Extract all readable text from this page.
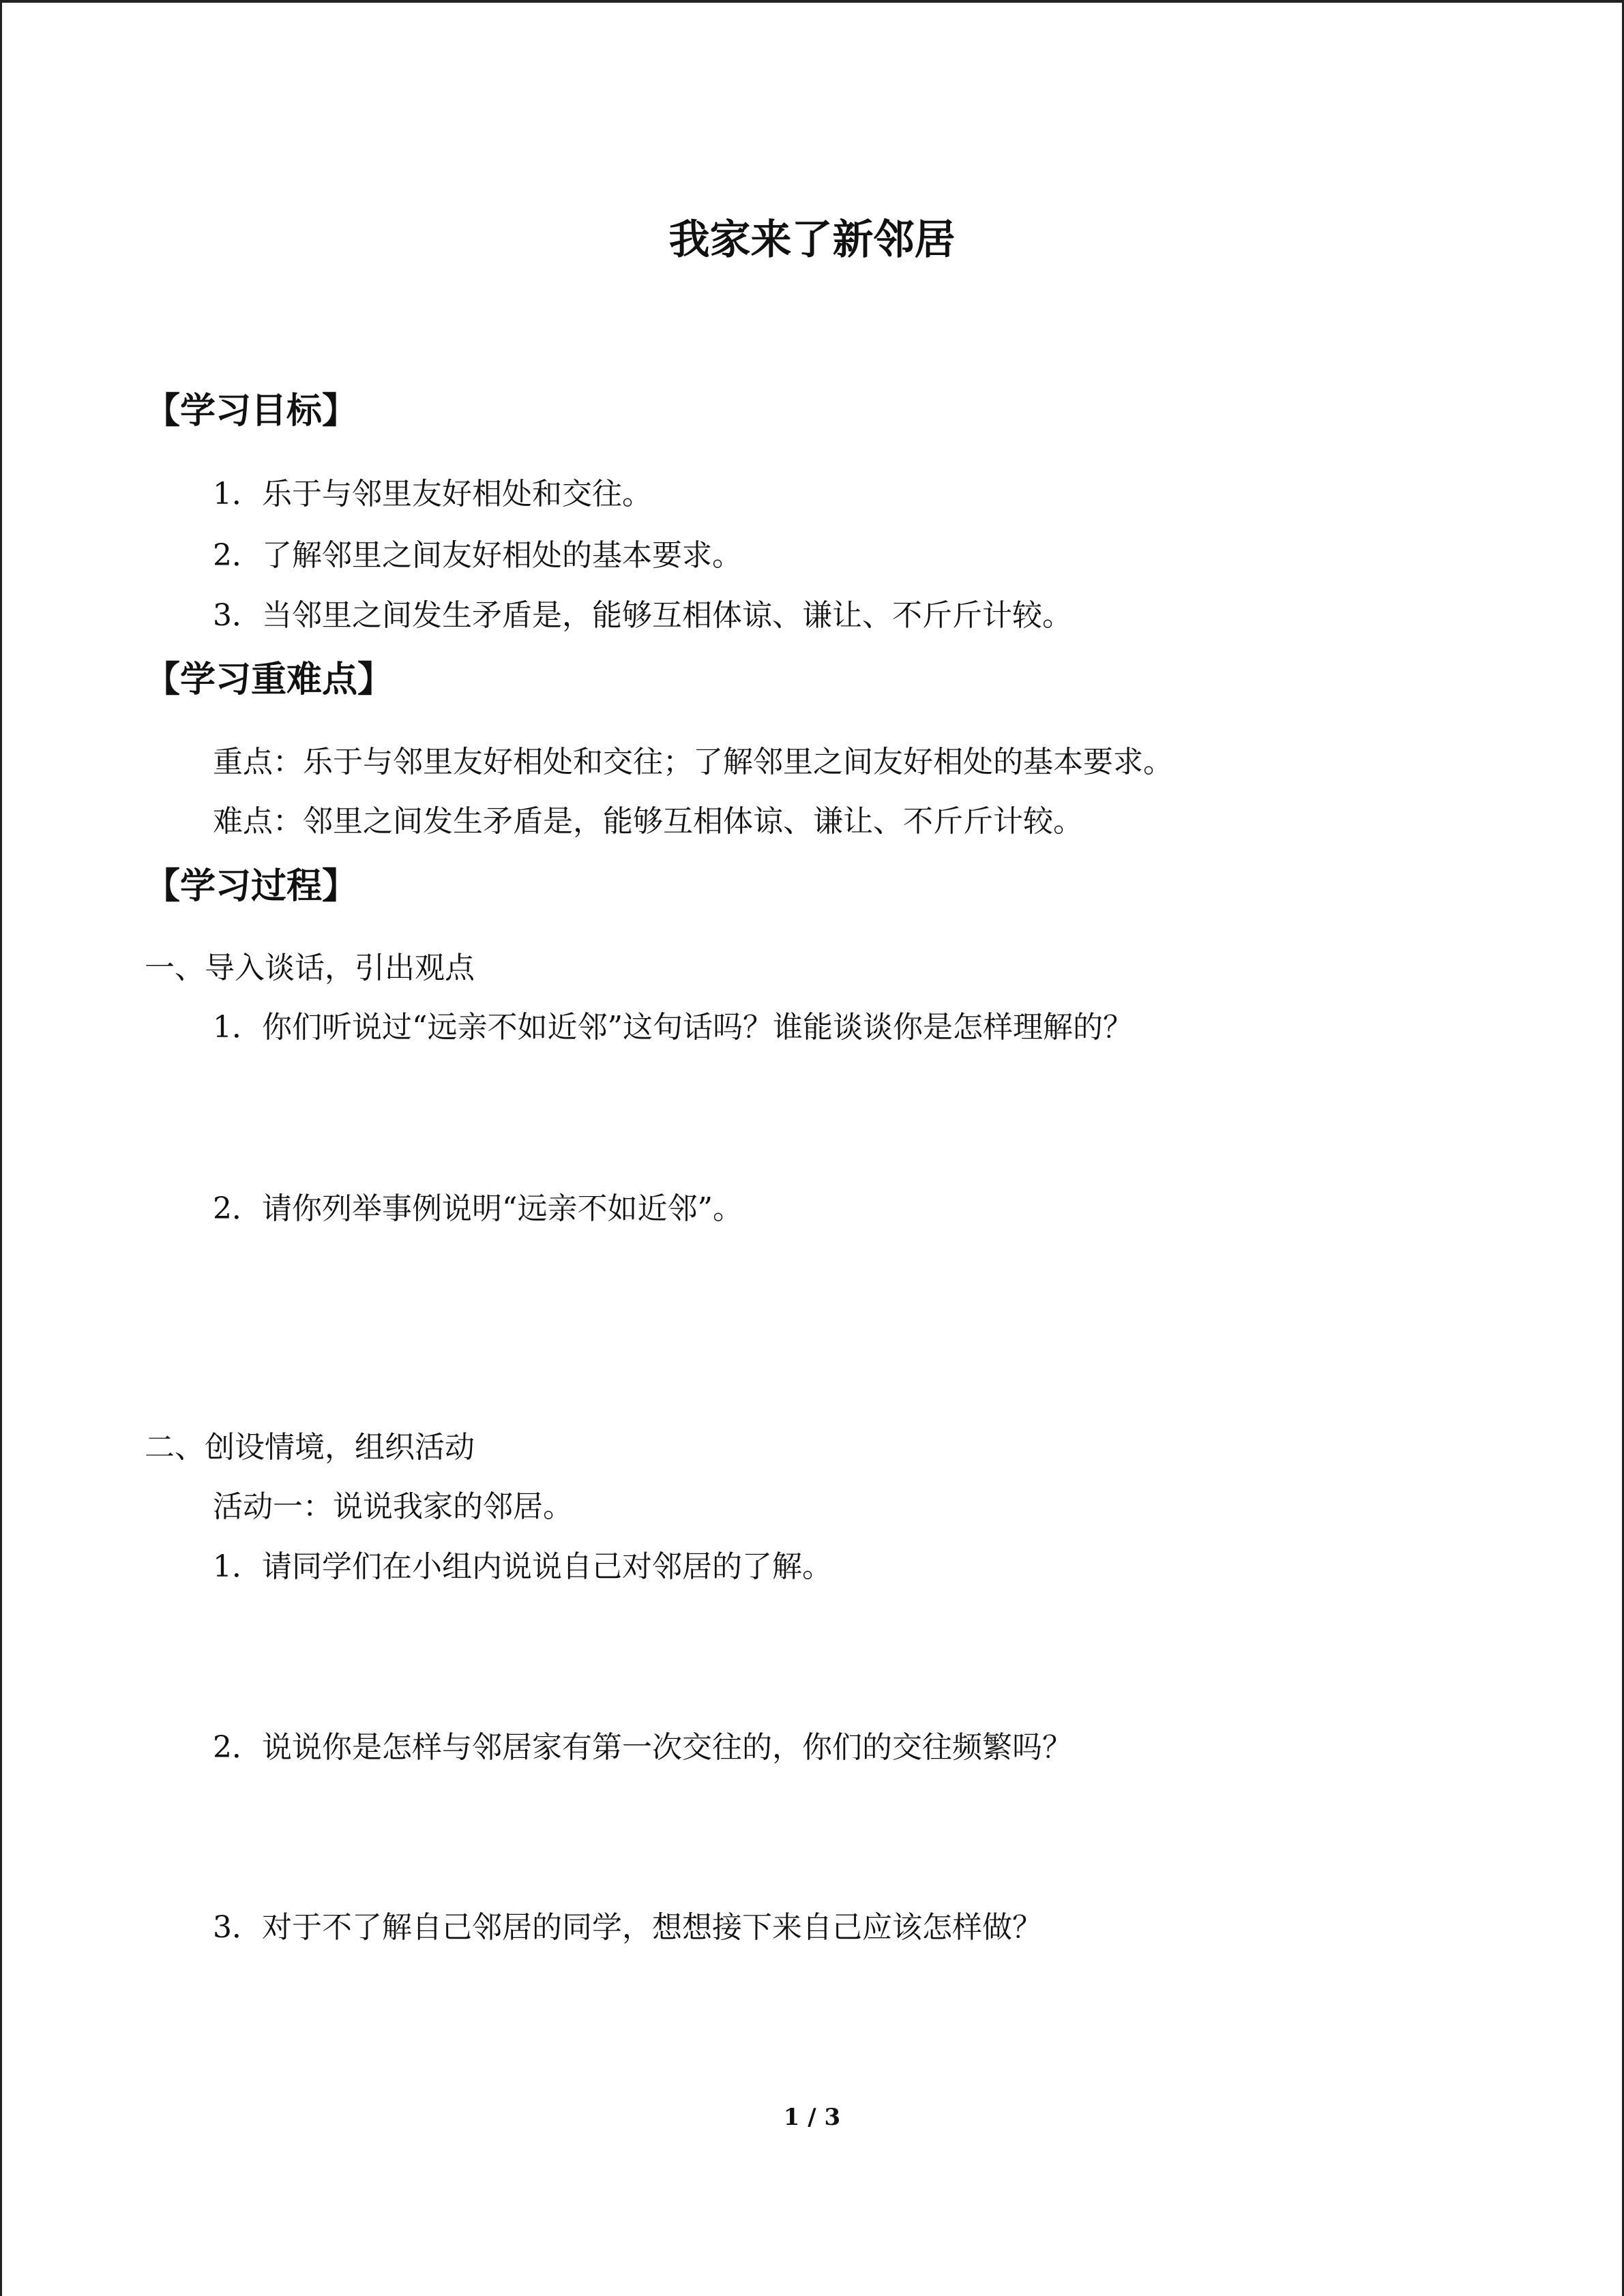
我家来了新邻居
【学习目标】
1．乐于与邻里友好相处和交往。
2．了解邻里之间友好相处的基本要求。
3．当邻里之间发生矛盾是，能够互相体谅、谦让、不斤斤计较。
【学习重难点】
重点：乐于与邻里友好相处和交往；了解邻里之间友好相处的基本要求。
难点：邻里之间发生矛盾是，能够互相体谅、谦让、不斤斤计较。
【学习过程】
一、导入谈话，引出观点
1．你们听说过“远亲不如近邻”这句话吗？谁能谈谈你是怎样理解的？
2．请你列举事例说明“远亲不如近邻”。
二、创设情境，组织活动
活动一：说说我家的邻居。
1．请同学们在小组内说说自己对邻居的了解。
2．说说你是怎样与邻居家有第一次交往的，你们的交往频繁吗？
3．对于不了解自己邻居的同学，想想接下来自己应该怎样做？
1 / 3
